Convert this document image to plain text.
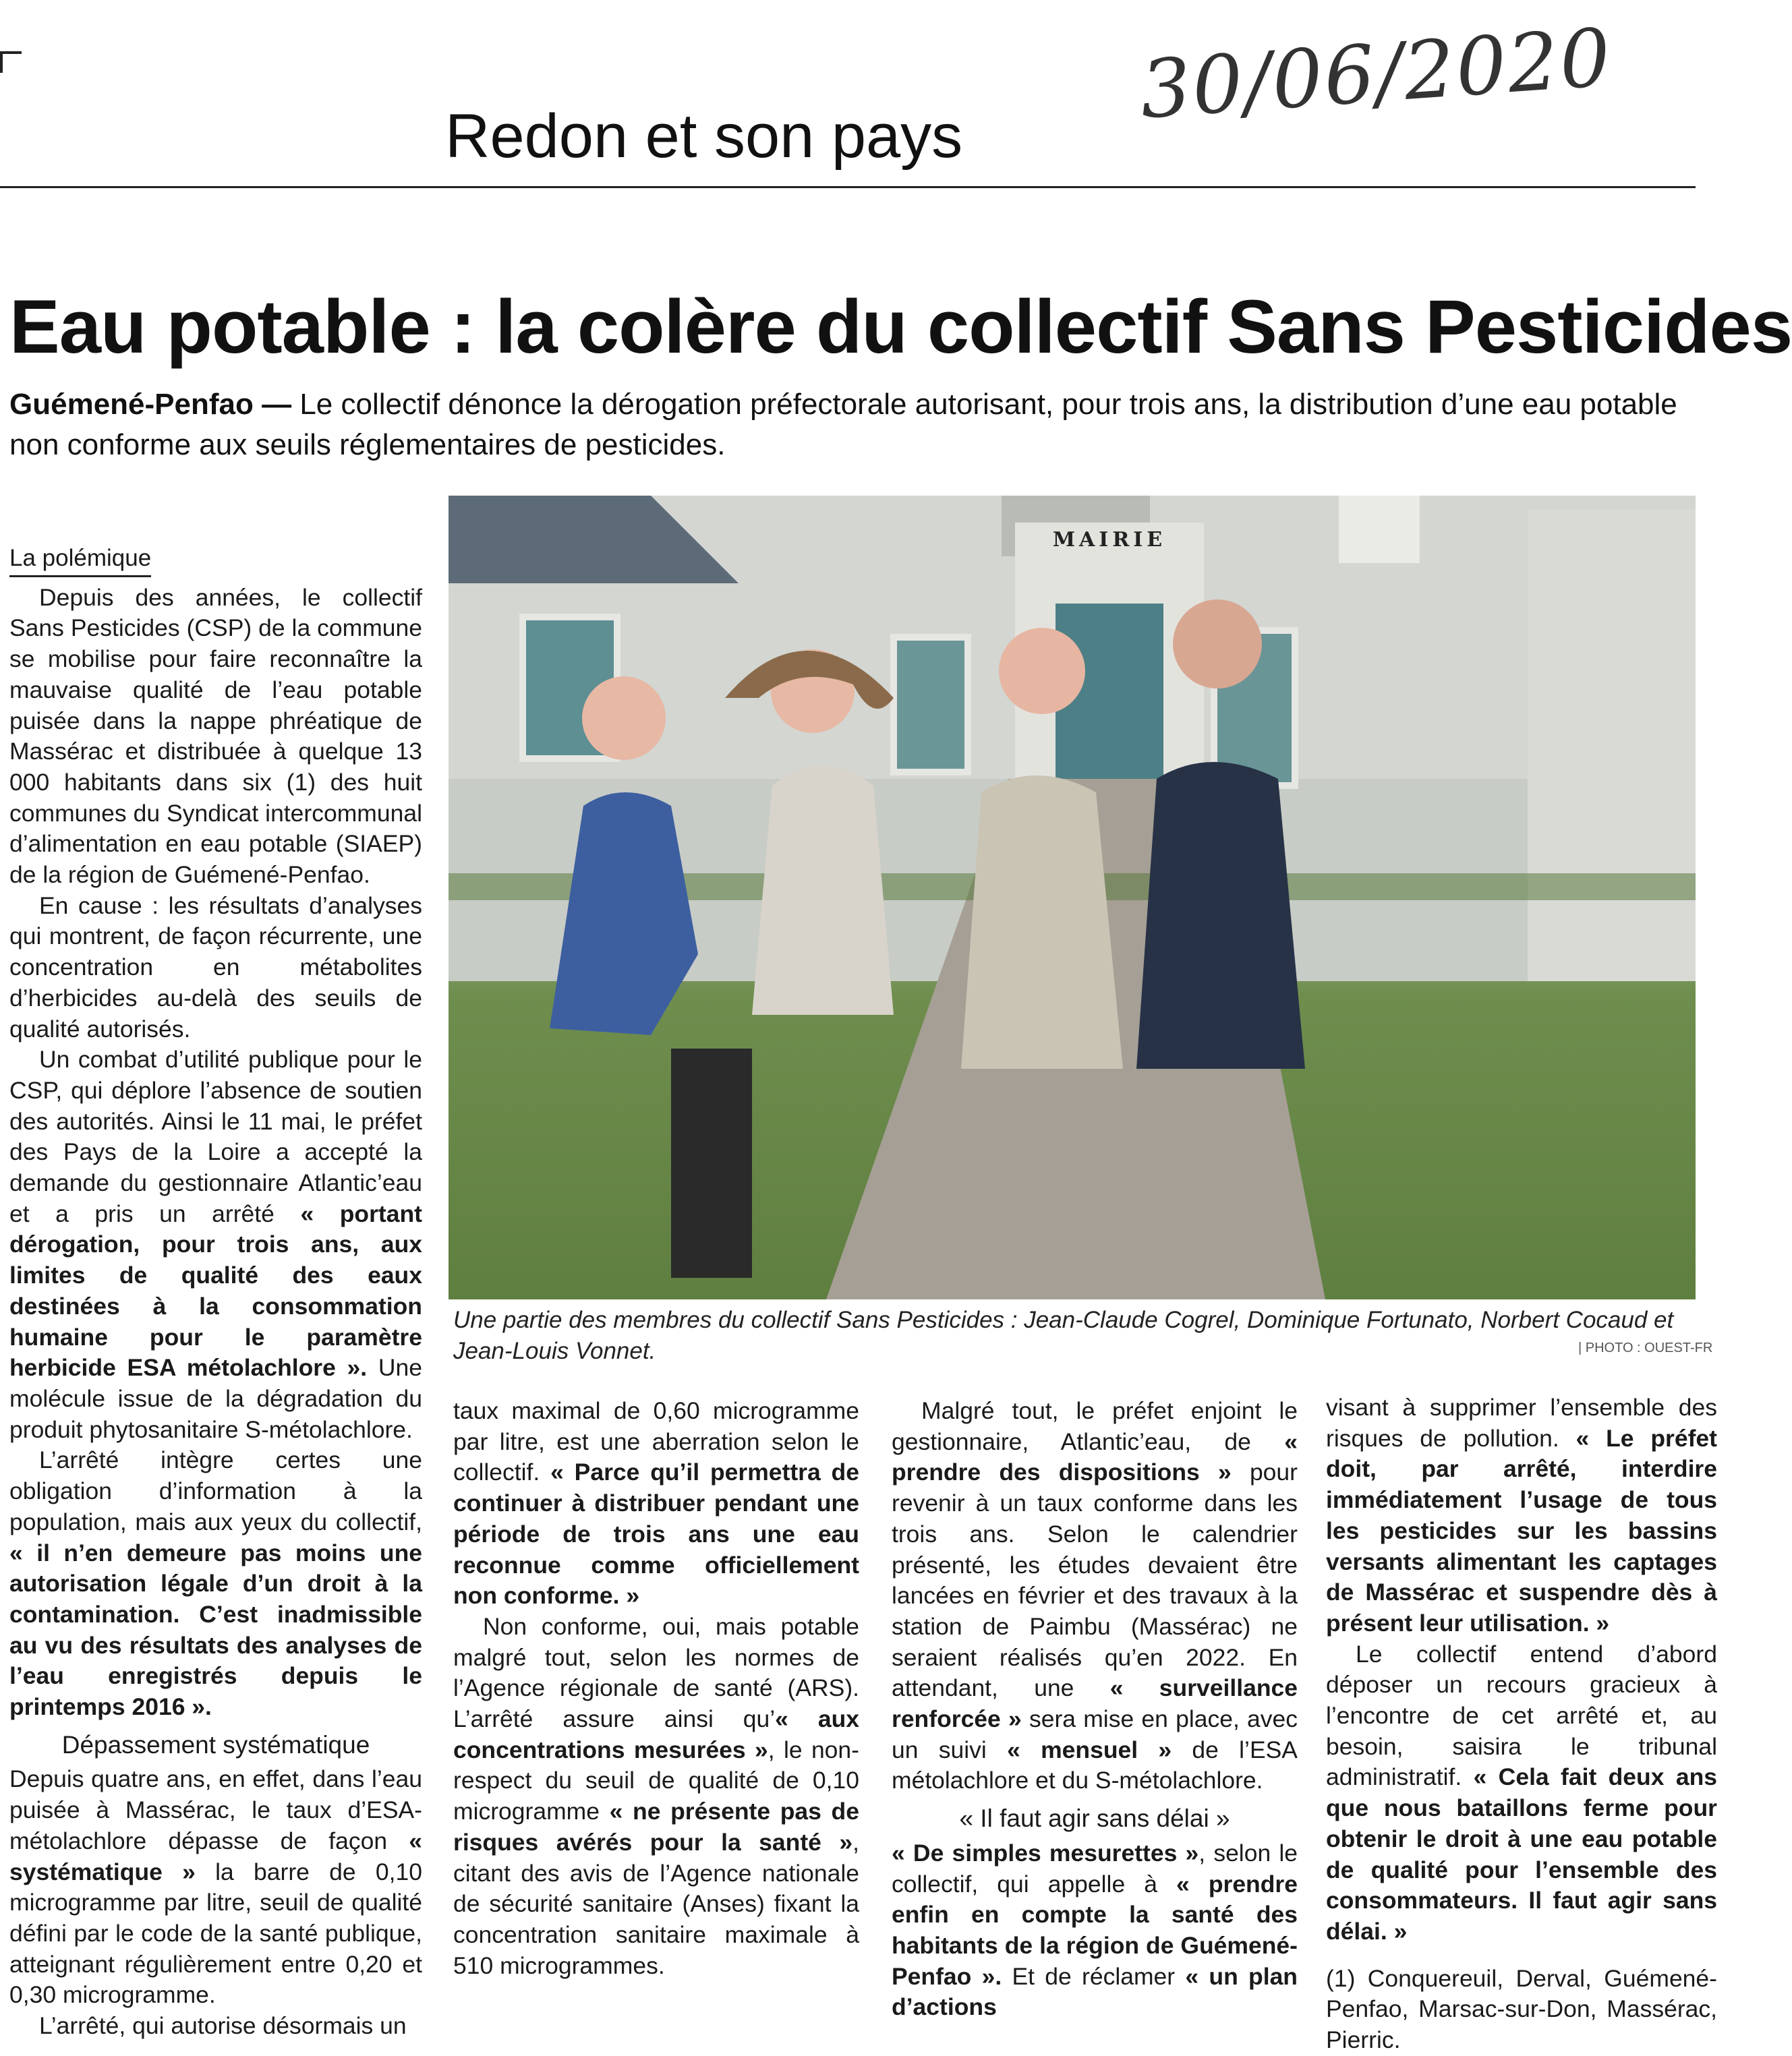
30/06/2020
Redon et son pays
Eau potable : la colère du collectif Sans Pesticides
Guémené-Penfao — Le collectif dénonce la dérogation préfectorale autorisant, pour trois ans, la distribution d’une eau potable non conforme aux seuils réglementaires de pesticides.
MAIRIE
Une partie des membres du collectif Sans Pesticides : Jean-Claude Cogrel, Dominique Fortunato, Norbert Cocaud et Jean-Louis Vonnet.	| PHOTO : OUEST-FR
La polémique

Depuis des années, le collectif Sans Pesticides (CSP) de la commune se mobilise pour faire reconnaître la mauvaise qualité de l’eau potable puisée dans la nappe phréatique de Massérac et distribuée à quelque 13 000 habitants dans six (1) des huit communes du Syndicat intercommunal d’alimentation en eau potable (SIAEP) de la région de Guémené-Penfao.

En cause : les résultats d’analyses qui montrent, de façon récurrente, une concentration en métabolites d’herbicides au-delà des seuils de qualité autorisés.

Un combat d’utilité publique pour le CSP, qui déplore l’absence de soutien des autorités. Ainsi le 11 mai, le préfet des Pays de la Loire a accepté la demande du gestionnaire Atlantic’eau et a pris un arrêté « portant dérogation, pour trois ans, aux limites de qualité des eaux destinées à la consommation humaine pour le paramètre herbicide ESA métolachlore ». Une molécule issue de la dégradation du produit phytosanitaire S-métolachlore.

L’arrêté intègre certes une obligation d’information à la population, mais aux yeux du collectif, « il n’en demeure pas moins une autorisation légale d’un droit à la contamination. C’est inadmissible au vu des résultats des analyses de l’eau enregistrés depuis le printemps 2016 ».

Dépassement systématique

Depuis quatre ans, en effet, dans l’eau puisée à Massérac, le taux d’ESA-métolachlore dépasse de façon « systématique » la barre de 0,10 microgramme par litre, seuil de qualité défini par le code de la santé publique, atteignant régulièrement entre 0,20 et 0,30 microgramme.

L’arrêté, qui autorise désormais un

taux maximal de 0,60 microgramme par litre, est une aberration selon le collectif. « Parce qu’il permettra de continuer à distribuer pendant une période de trois ans une eau reconnue comme officiellement non conforme. »

Non conforme, oui, mais potable malgré tout, selon les normes de l’Agence régionale de santé (ARS). L’arrêté assure ainsi qu’« aux concentrations mesurées », le non-respect du seuil de qualité de 0,10 microgramme « ne présente pas de risques avérés pour la santé », citant des avis de l’Agence nationale de sécurité sanitaire (Anses) fixant la concentration sanitaire maximale à 510 microgrammes.

Malgré tout, le préfet enjoint le gestionnaire, Atlantic’eau, de « prendre des dispositions » pour revenir à un taux conforme dans les trois ans. Selon le calendrier présenté, les études devaient être lancées en février et des travaux à la station de Paimbu (Massérac) ne seraient réalisés qu’en 2022. En attendant, une « surveillance renforcée » sera mise en place, avec un suivi « mensuel » de l’ESA métolachlore et du S-métolachlore.

« Il faut agir sans délai »

« De simples mesurettes », selon le collectif, qui appelle à « prendre enfin en compte la santé des habitants de la région de Guémené-Penfao ». Et de réclamer « un plan d’actions

visant à supprimer l’ensemble des risques de pollution. « Le préfet doit, par arrêté, interdire immédiatement l’usage de tous les pesticides sur les bassins versants alimentant les captages de Massérac et suspendre dès à présent leur utilisation. »

Le collectif entend d’abord déposer un recours gracieux à l’encontre de cet arrêté et, au besoin, saisira le tribunal administratif. « Cela fait deux ans que nous bataillons ferme pour obtenir le droit à une eau potable de qualité pour l’ensemble des consommateurs. Il faut agir sans délai. »

(1) Conquereuil, Derval, Guémené-Penfao, Marsac-sur-Don, Massérac, Pierric.
